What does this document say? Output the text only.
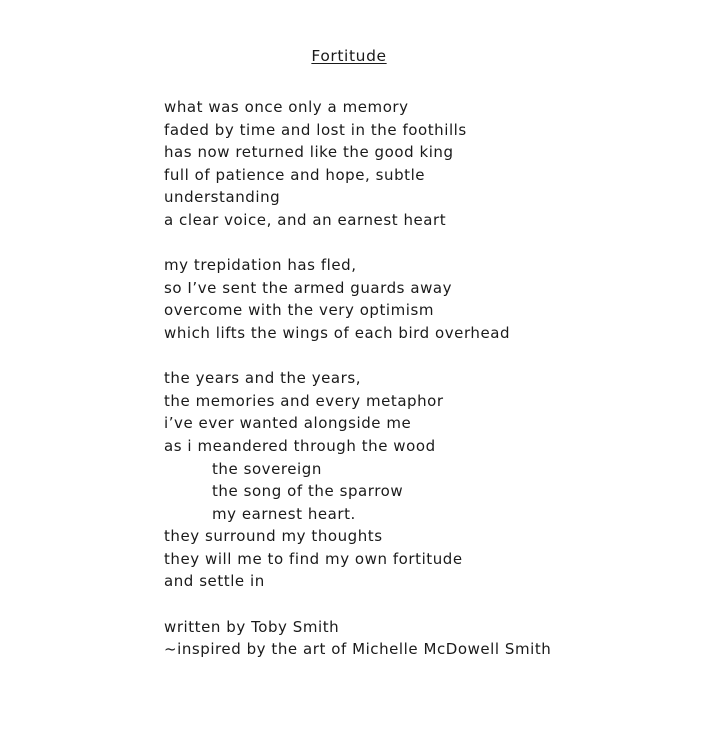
Fortitude
what was once only a memory
faded by time and lost in the foothills
has now returned like the good king
full of patience and hope, subtle
understanding
a clear voice, and an earnest heart
my trepidation has fled,
so I’ve sent the armed guards away
overcome with the very optimism
which lifts the wings of each bird overhead
the years and the years,
the memories and every metaphor
i’ve ever wanted alongside me
as i meandered through the wood
the sovereign
the song of the sparrow
my earnest heart.
they surround my thoughts
they will me to find my own fortitude
and settle in
written by Toby Smith
~inspired by the art of Michelle McDowell Smith
